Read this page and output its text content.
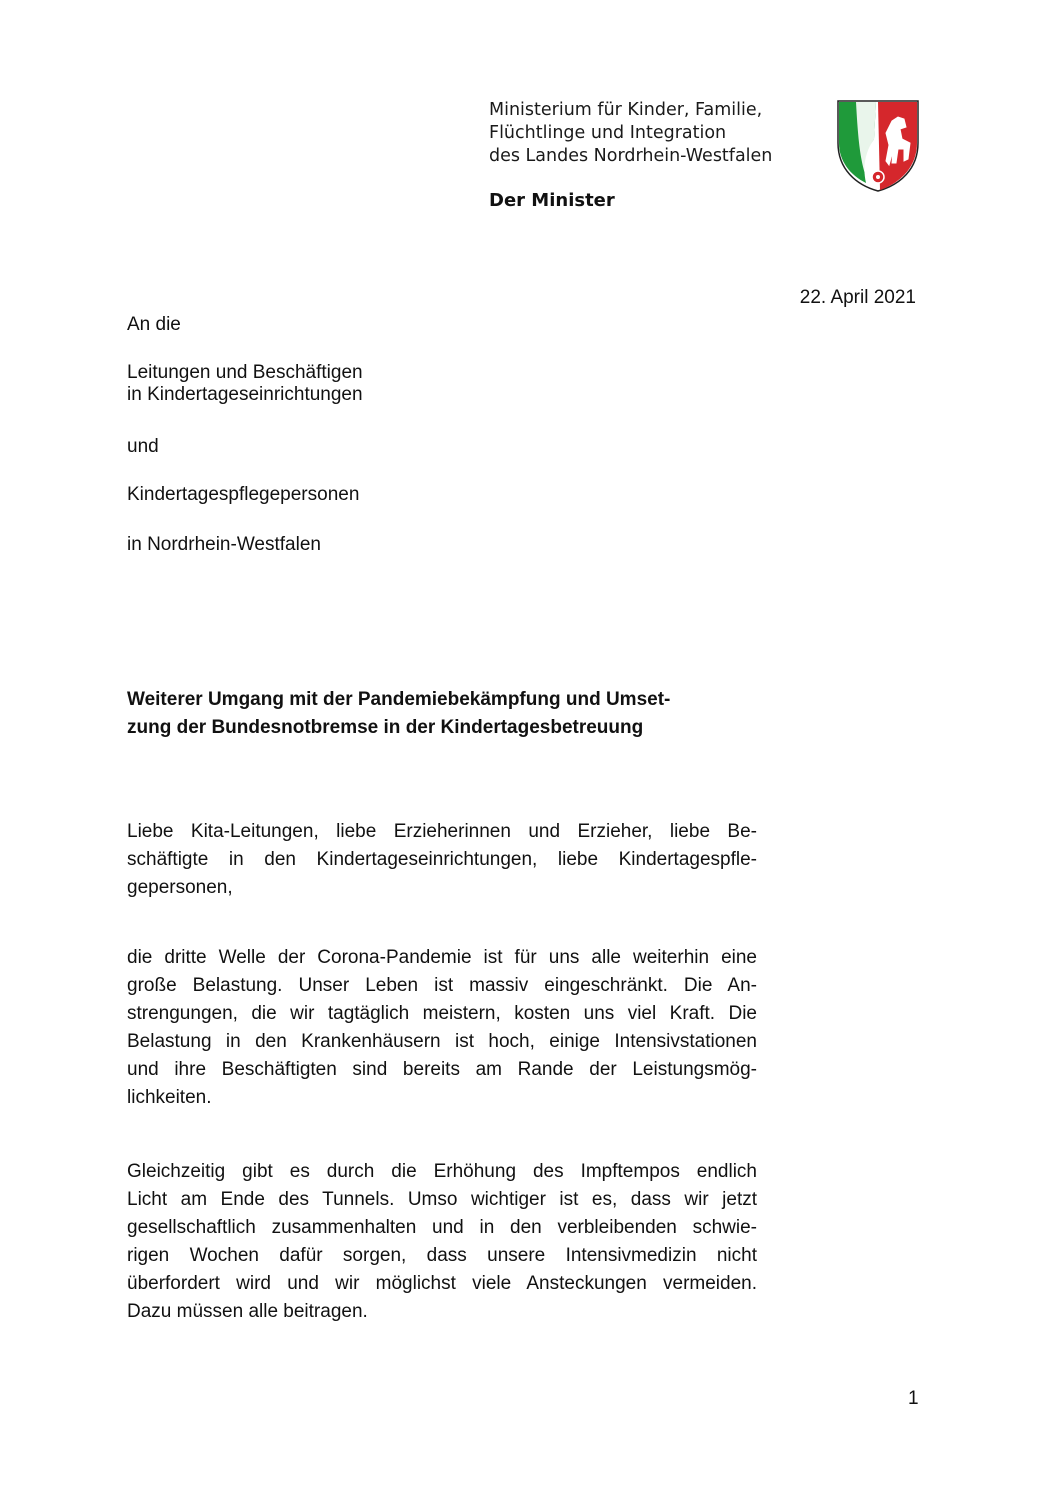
Ministerium für Kinder, Familie,
Flüchtlinge und Integration
des Landes Nordrhein-Westfalen
Der Minister
22. April 2021
An die
Leitungen und Beschäftigen
in Kindertageseinrichtungen
und
Kindertagespflegepersonen
in Nordrhein-Westfalen
Weiterer Umgang mit der Pandemiebekämpfung und Umset-
zung der Bundesnotbremse in der Kindertagesbetreuung
Liebe Kita-Leitungen, liebe Erzieherinnen und Erzieher, liebe Be-
schäftigte in den Kindertageseinrichtungen, liebe Kindertagespfle-
gepersonen,
die dritte Welle der Corona-Pandemie ist für uns alle weiterhin eine
große Belastung. Unser Leben ist massiv eingeschränkt. Die An-
strengungen, die wir tagtäglich meistern, kosten uns viel Kraft. Die
Belastung in den Krankenhäusern ist hoch, einige Intensivstationen
und ihre Beschäftigten sind bereits am Rande der Leistungsmög-
lichkeiten.
Gleichzeitig gibt es durch die Erhöhung des Impftempos endlich
Licht am Ende des Tunnels. Umso wichtiger ist es, dass wir jetzt
gesellschaftlich zusammenhalten und in den verbleibenden schwie-
rigen Wochen dafür sorgen, dass unsere Intensivmedizin nicht
überfordert wird und wir möglichst viele Ansteckungen vermeiden.
Dazu müssen alle beitragen.
1
